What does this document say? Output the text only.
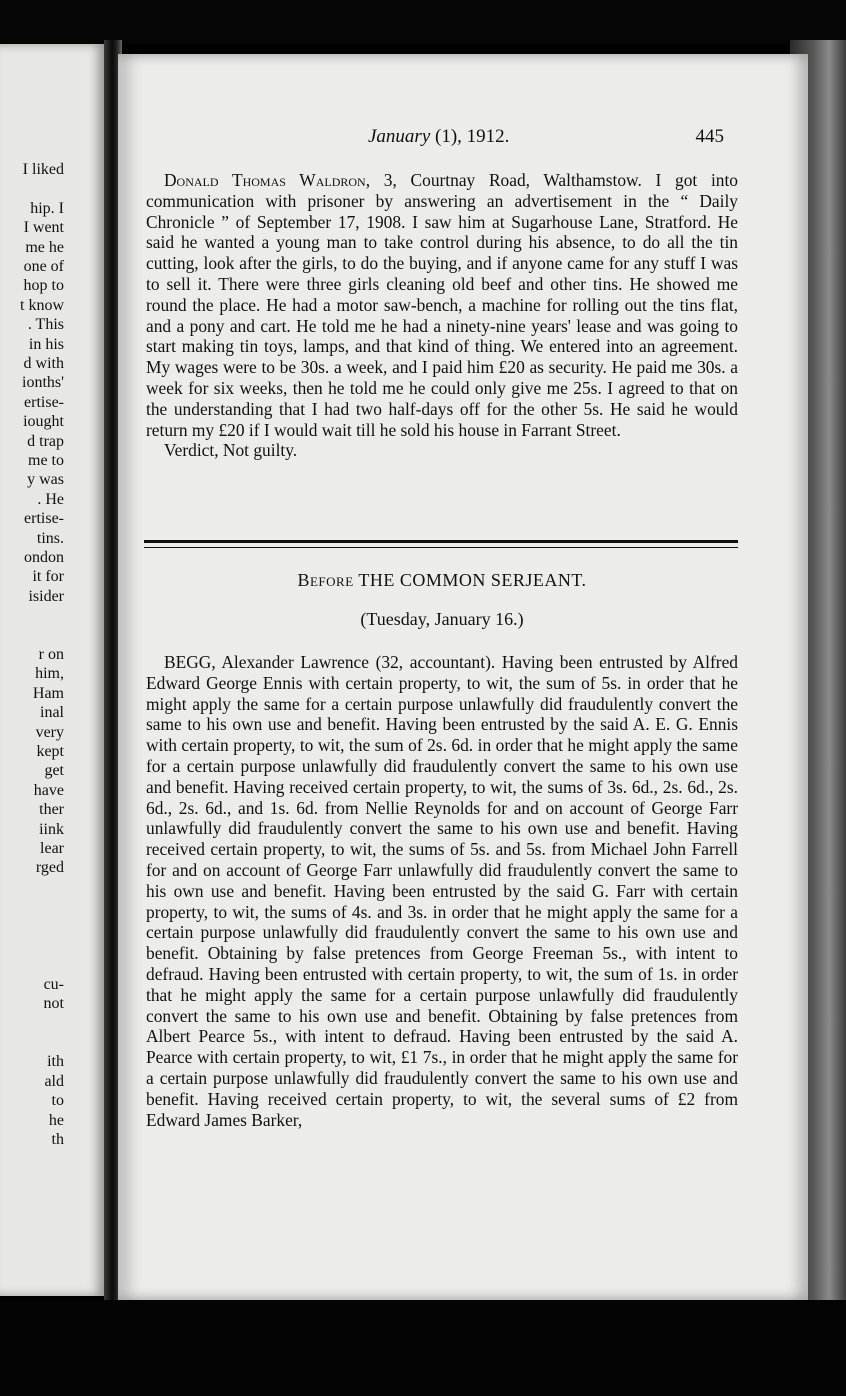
January (1), 1912.	445

Donald Thomas Waldron, 3, Courtnay Road, Walthamstow. I got into communication with prisoner by answering an advertisement in the “ Daily Chronicle ” of September 17, 1908. I saw him at Sugarhouse Lane, Stratford. He said he wanted a young man to take control during his absence, to do all the tin cutting, look after the girls, to do the buying, and if anyone came for any stuff I was to sell it. There were three girls cleaning old beef and other tins. He showed me round the place. He had a motor saw-bench, a machine for rolling out the tins flat, and a pony and cart. He told me he had a ninety-nine years' lease and was going to start making tin toys, lamps, and that kind of thing. We entered into an agreement. My wages were to be 30s. a week, and I paid him £20 as security. He paid me 30s. a week for six weeks, then he told me he could only give me 25s. I agreed to that on the understanding that I had two half-days off for the other 5s. He said he would return my £20 if I would wait till he sold his house in Farrant Street.

Verdict, Not guilty.

Before THE COMMON SERJEANT.
(Tuesday, January 16.)

BEGG, Alexander Lawrence (32, accountant). Having been entrusted by Alfred Edward George Ennis with certain property, to wit, the sum of 5s. in order that he might apply the same for a certain purpose unlawfully did fraudulently convert the same to his own use and benefit. Having been entrusted by the said A. E. G. Ennis with certain property, to wit, the sum of 2s. 6d. in order that he might apply the same for a certain purpose unlawfully did fraudulently convert the same to his own use and benefit. Having received certain property, to wit, the sums of 3s. 6d., 2s. 6d., 2s. 6d., 2s. 6d., and 1s. 6d. from Nellie Reynolds for and on account of George Farr unlawfully did fraudulently convert the same to his own use and benefit. Having received certain property, to wit, the sums of 5s. and 5s. from Michael John Farrell for and on account of George Farr unlawfully did fraudulently convert the same to his own use and benefit. Having been entrusted by the said G. Farr with certain property, to wit, the sums of 4s. and 3s. in order that he might apply the same for a certain purpose unlawfully did fraudulently convert the same to his own use and benefit. Obtaining by false pretences from George Freeman 5s., with intent to defraud. Having been entrusted with certain property, to wit, the sum of 1s. in order that he might apply the same for a certain purpose unlawfully did fraudulently convert the same to his own use and benefit. Obtaining by false pretences from Albert Pearce 5s., with intent to defraud. Having been entrusted by the said A. Pearce with certain property, to wit, £1 7s., in order that he might apply the same for a certain purpose unlawfully did fraudulently convert the same to his own use and benefit. Having received certain property, to wit, the several sums of £2 from Edward James Barker,

I liked
hip. I
I went
me he
one of
hop to
t know
. This
in his
d with
ionths'
ertise-
iought
d trap
me to
y was
. He
ertise-
tins.
ondon
it for
isider
r on
him,
Ham
inal
very
kept
get
have
ther
iink
lear
rged
cu-
not
ith
ald
to
he
th
